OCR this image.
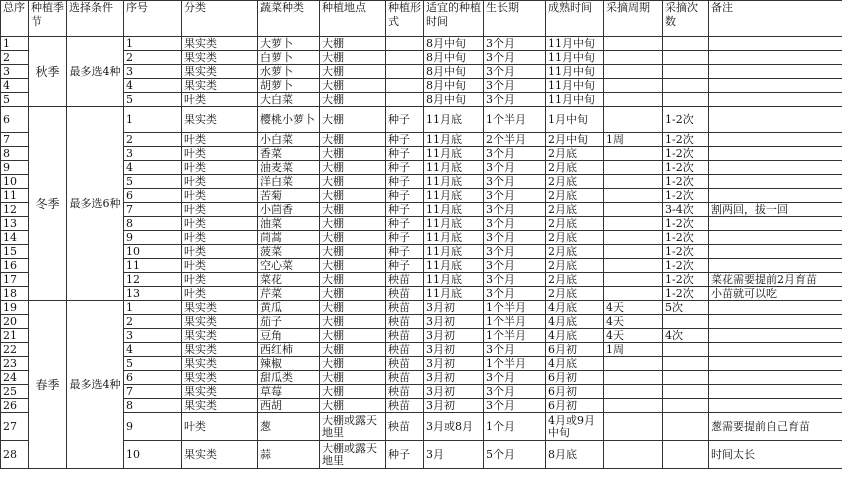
总序	种植季节	选择条件	序号	分类	蔬菜种类	种植地点	种植形式	适宜的种植时间	生长期	成熟时间	采摘周期	采摘次数	备注
1	秋季	最多选4种	1	果实类	大萝卜	大棚		8月中旬	3个月	11月中旬			
2			2	果实类	白萝卜	大棚		8月中旬	3个月	11月中旬			
3			3	果实类	水萝卜	大棚		8月中旬	3个月	11月中旬			
4			4	果实类	胡萝卜	大棚		8月中旬	3个月	11月中旬			
5			5	叶类	大白菜	大棚		8月中旬	3个月	11月中旬			
6	冬季	最多选6种	1	果实类	樱桃小萝卜	大棚	种子	11月底	1个半月	1月中旬		1-2次	
7			2	叶类	小白菜	大棚	种子	11月底	2个半月	2月中旬	1周	1-2次	
8			3	叶类	香菜	大棚	种子	11月底	3个月	2月底		1-2次	
9			4	叶类	油麦菜	大棚	种子	11月底	3个月	2月底		1-2次	
10			5	叶类	洋白菜	大棚	种子	11月底	3个月	2月底		1-2次	
11			6	叶类	苦菊	大棚	种子	11月底	3个月	2月底		1-2次	
12			7	叶类	小茴香	大棚	种子	11月底	3个月	2月底		3-4次	割两回，拔一回
13			8	叶类	油菜	大棚	种子	11月底	3个月	2月底		1-2次	
14			9	叶类	茼蒿	大棚	种子	11月底	3个月	2月底		1-2次	
15			10	叶类	菠菜	大棚	种子	11月底	3个月	2月底		1-2次	
16			11	叶类	空心菜	大棚	种子	11月底	3个月	2月底		1-2次	
17			12	叶类	菜花	大棚	秧苗	11月底	3个月	2月底		1-2次	菜花需要提前2月育苗
18			13	叶类	芹菜	大棚	秧苗	11月底	3个月	2月底		1-2次	小苗就可以吃
19	春季	最多选4种	1	果实类	黄瓜	大棚	秧苗	3月初	1个半月	4月底	4天	5次	
20			2	果实类	茄子	大棚	秧苗	3月初	1个半月	4月底	4天		
21			3	果实类	豆角	大棚	秧苗	3月初	1个半月	4月底	4天	4次	
22			4	果实类	西红柿	大棚	秧苗	3月初	3个月	6月初	1周		
23			5	果实类	辣椒	大棚	秧苗	3月初	1个半月	4月底			
24			6	果实类	甜瓜类	大棚	秧苗	3月初	3个月	6月初			
25			7	果实类	草莓	大棚	秧苗	3月初	3个月	6月初			
26			8	果实类	西胡	大棚	秧苗	3月初	3个月	6月初			
27			9	叶类	葱	大棚或露天地里	秧苗	3月或8月	1个月	4月或9月中旬			葱需要提前自己育苗
28			10	果实类	蒜	大棚或露天地里	种子	3月	5个月	8月底			时间太长
